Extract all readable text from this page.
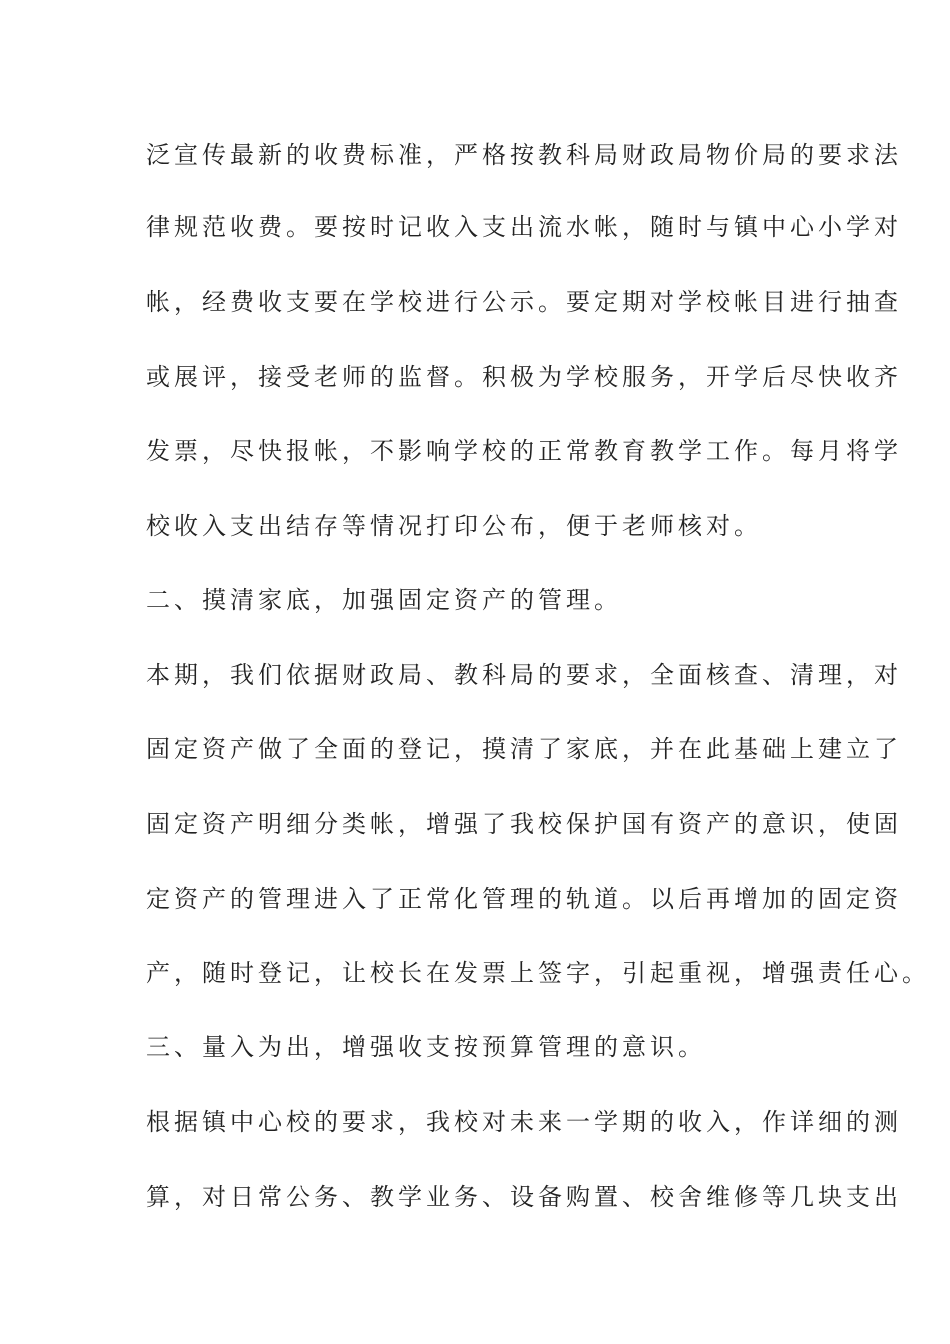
泛宣传最新的收费标准，严格按教科局财政局物价局的要求法
律规范收费。要按时记收入支出流水帐，随时与镇中心小学对
帐，经费收支要在学校进行公示。要定期对学校帐目进行抽查
或展评，接受老师的监督。积极为学校服务，开学后尽快收齐
发票，尽快报帐，不影响学校的正常教育教学工作。每月将学
校收入支出结存等情况打印公布，便于老师核对。
二、摸清家底，加强固定资产的管理。
本期，我们依据财政局、教科局的要求，全面核查、清理，对
固定资产做了全面的登记，摸清了家底，并在此基础上建立了
固定资产明细分类帐，增强了我校保护国有资产的意识，使固
定资产的管理进入了正常化管理的轨道。以后再增加的固定资
产，随时登记，让校长在发票上签字，引起重视，增强责任心。
三、量入为出，增强收支按预算管理的意识。
根据镇中心校的要求，我校对未来一学期的收入，作详细的测
算，对日常公务、教学业务、设备购置、校舍维修等几块支出
